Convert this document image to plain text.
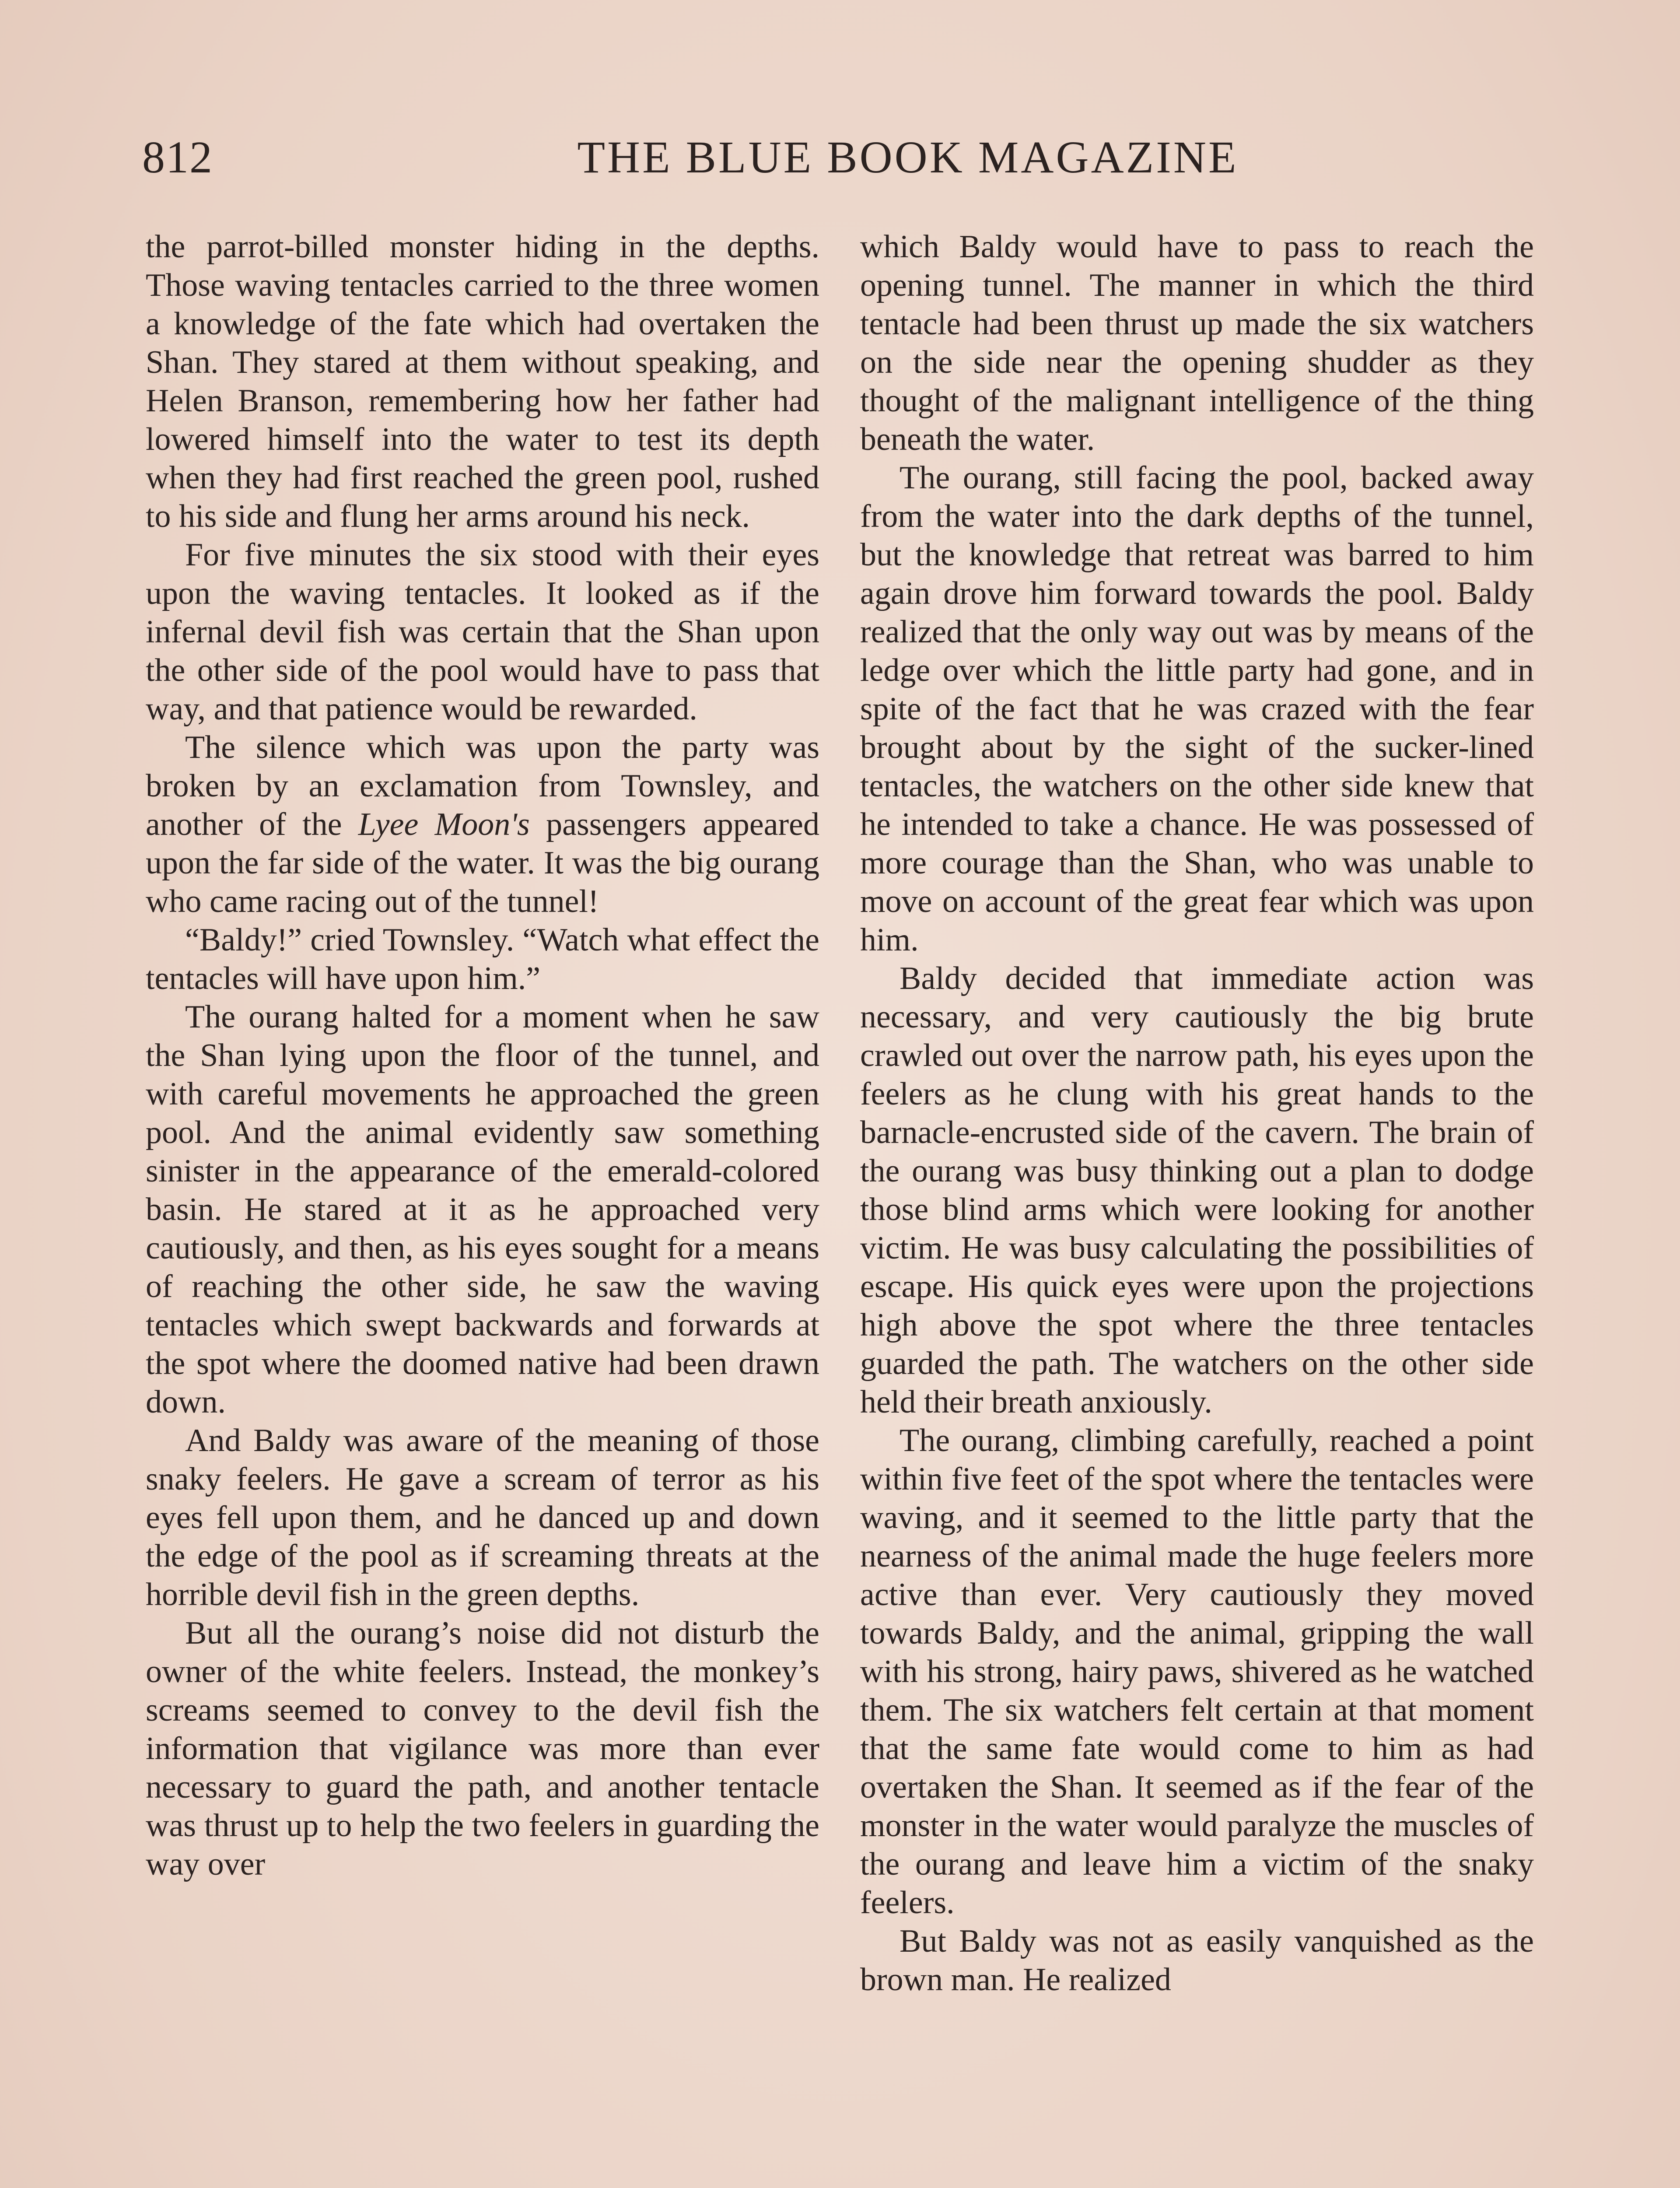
812	THE BLUE BOOK MAGAZINE

the parrot-billed monster hiding in the depths. Those waving tentacles carried to the three women a knowledge of the fate which had overtaken the Shan. They stared at them without speaking, and Helen Branson, remembering how her father had lowered himself into the water to test its depth when they had first reached the green pool, rushed to his side and flung her arms around his neck.

For five minutes the six stood with their eyes upon the waving tentacles. It looked as if the infernal devil fish was certain that the Shan upon the other side of the pool would have to pass that way, and that patience would be rewarded.

The silence which was upon the party was broken by an exclamation from Townsley, and another of the Lyee Moon's passengers appeared upon the far side of the water. It was the big ourang who came racing out of the tunnel!

“Baldy!” cried Townsley. “Watch what effect the tentacles will have upon him.”

The ourang halted for a moment when he saw the Shan lying upon the floor of the tunnel, and with careful movements he approached the green pool. And the animal evidently saw something sinister in the appearance of the emerald-colored basin. He stared at it as he approached very cautiously, and then, as his eyes sought for a means of reaching the other side, he saw the waving tentacles which swept backwards and forwards at the spot where the doomed native had been drawn down.

And Baldy was aware of the meaning of those snaky feelers. He gave a scream of terror as his eyes fell upon them, and he danced up and down the edge of the pool as if screaming threats at the horrible devil fish in the green depths.

But all the ourang’s noise did not disturb the owner of the white feelers. Instead, the monkey’s screams seemed to convey to the devil fish the information that vigilance was more than ever necessary to guard the path, and another tentacle was thrust up to help the two feelers in guarding the way over

which Baldy would have to pass to reach the opening tunnel. The manner in which the third tentacle had been thrust up made the six watchers on the side near the opening shudder as they thought of the malignant intelligence of the thing beneath the water.

The ourang, still facing the pool, backed away from the water into the dark depths of the tunnel, but the knowledge that retreat was barred to him again drove him forward towards the pool. Baldy realized that the only way out was by means of the ledge over which the little party had gone, and in spite of the fact that he was crazed with the fear brought about by the sight of the sucker-lined tentacles, the watchers on the other side knew that he intended to take a chance. He was possessed of more courage than the Shan, who was unable to move on account of the great fear which was upon him.

Baldy decided that immediate action was necessary, and very cautiously the big brute crawled out over the narrow path, his eyes upon the feelers as he clung with his great hands to the barnacle-encrusted side of the cavern. The brain of the ourang was busy thinking out a plan to dodge those blind arms which were looking for another victim. He was busy calculating the possibilities of escape. His quick eyes were upon the projections high above the spot where the three tentacles guarded the path. The watchers on the other side held their breath anxiously.

The ourang, climbing carefully, reached a point within five feet of the spot where the tentacles were waving, and it seemed to the little party that the nearness of the animal made the huge feelers more active than ever. Very cautiously they moved towards Baldy, and the animal, gripping the wall with his strong, hairy paws, shivered as he watched them. The six watchers felt certain at that moment that the same fate would come to him as had overtaken the Shan. It seemed as if the fear of the monster in the water would paralyze the muscles of the ourang and leave him a victim of the snaky feelers.

But Baldy was not as easily vanquished as the brown man. He realized
